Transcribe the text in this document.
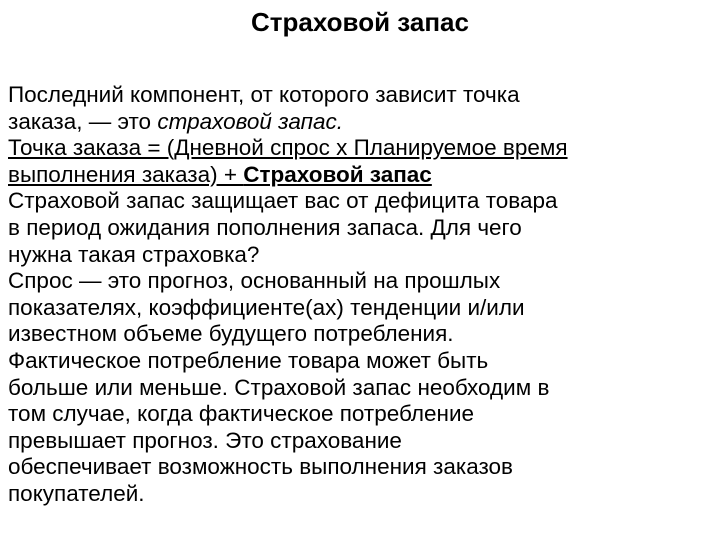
Страховой запас

Последний компонент, от которого зависит точка
заказа, — это страховой запас.

Точка заказа = (Дневной спрос х Планируемое время
выполнения заказа) + Страховой запас

Страховой запас защищает вас от дефицита товара
в период ожидания пополнения запаса. Для чего
нужна такая страховка?

Спрос — это прогноз, основанный на прошлых
показателях, коэффициенте(ах) тенденции и/или
известном объеме будущего потребления.
Фактическое потребление товара может быть
больше или меньше. Страховой запас необходим в
том случае, когда фактическое потребление
превышает прогноз. Это страхование
обеспечивает возможность выполнения заказов
покупателей.
